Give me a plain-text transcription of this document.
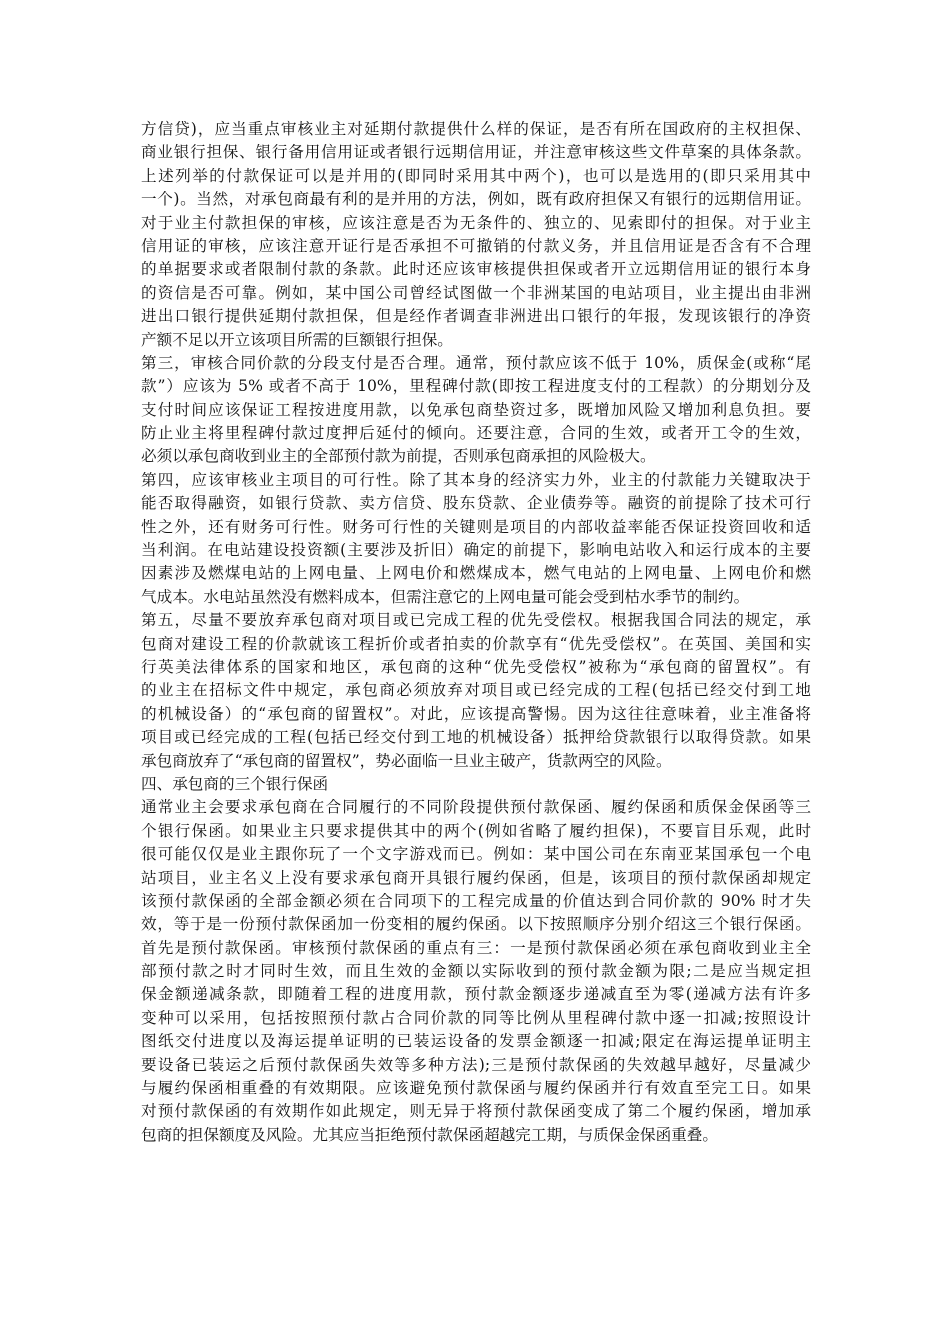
方信贷)，应当重点审核业主对延期付款提供什么样的保证，是否有所在国政府的主权担保、
商业银行担保、银行备用信用证或者银行远期信用证，并注意审核这些文件草案的具体条款。
上述列举的付款保证可以是并用的(即同时采用其中两个)，也可以是选用的(即只采用其中
一个)。当然，对承包商最有利的是并用的方法，例如，既有政府担保又有银行的远期信用证。
对于业主付款担保的审核，应该注意是否为无条件的、独立的、见索即付的担保。对于业主
信用证的审核，应该注意开证行是否承担不可撤销的付款义务，并且信用证是否含有不合理
的单据要求或者限制付款的条款。此时还应该审核提供担保或者开立远期信用证的银行本身
的资信是否可靠。例如，某中国公司曾经试图做一个非洲某国的电站项目，业主提出由非洲
进出口银行提供延期付款担保，但是经作者调查非洲进出口银行的年报，发现该银行的净资
产额不足以开立该项目所需的巨额银行担保。
第三，审核合同价款的分段支付是否合理。通常，预付款应该不低于 10%，质保金(或称“尾
款”）应该为 5% 或者不高于 10%，里程碑付款(即按工程进度支付的工程款）的分期划分及
支付时间应该保证工程按进度用款，以免承包商垫资过多，既增加风险又增加利息负担。要
防止业主将里程碑付款过度押后延付的倾向。还要注意，合同的生效，或者开工令的生效，
必须以承包商收到业主的全部预付款为前提，否则承包商承担的风险极大。
第四，应该审核业主项目的可行性。除了其本身的经济实力外，业主的付款能力关键取决于
能否取得融资，如银行贷款、卖方信贷、股东贷款、企业债券等。融资的前提除了技术可行
性之外，还有财务可行性。财务可行性的关键则是项目的内部收益率能否保证投资回收和适
当利润。在电站建设投资额(主要涉及折旧）确定的前提下，影响电站收入和运行成本的主要
因素涉及燃煤电站的上网电量、上网电价和燃煤成本，燃气电站的上网电量、上网电价和燃
气成本。水电站虽然没有燃料成本，但需注意它的上网电量可能会受到枯水季节的制约。
第五，尽量不要放弃承包商对项目或已完成工程的优先受偿权。根据我国合同法的规定，承
包商对建设工程的价款就该工程折价或者拍卖的价款享有“优先受偿权”。在英国、美国和实
行英美法律体系的国家和地区，承包商的这种“优先受偿权”被称为“承包商的留置权”。有
的业主在招标文件中规定，承包商必须放弃对项目或已经完成的工程(包括已经交付到工地
的机械设备）的“承包商的留置权”。对此，应该提高警惕。因为这往往意味着，业主准备将
项目或已经完成的工程(包括已经交付到工地的机械设备）抵押给贷款银行以取得贷款。如果
承包商放弃了“承包商的留置权”，势必面临一旦业主破产，货款两空的风险。
四、承包商的三个银行保函
通常业主会要求承包商在合同履行的不同阶段提供预付款保函、履约保函和质保金保函等三
个银行保函。如果业主只要求提供其中的两个(例如省略了履约担保)，不要盲目乐观，此时
很可能仅仅是业主跟你玩了一个文字游戏而已。例如：某中国公司在东南亚某国承包一个电
站项目，业主名义上没有要求承包商开具银行履约保函，但是，该项目的预付款保函却规定
该预付款保函的全部金额必须在合同项下的工程完成量的价值达到合同价款的 90% 时才失
效，等于是一份预付款保函加一份变相的履约保函。以下按照顺序分别介绍这三个银行保函。
首先是预付款保函。审核预付款保函的重点有三：一是预付款保函必须在承包商收到业主全
部预付款之时才同时生效，而且生效的金额以实际收到的预付款金额为限;二是应当规定担
保金额递减条款，即随着工程的进度用款，预付款金额逐步递减直至为零(递减方法有许多
变种可以采用，包括按照预付款占合同价款的同等比例从里程碑付款中逐一扣减;按照设计
图纸交付进度以及海运提单证明的已装运设备的发票金额逐一扣减;限定在海运提单证明主
要设备已装运之后预付款保函失效等多种方法);三是预付款保函的失效越早越好，尽量减少
与履约保函相重叠的有效期限。应该避免预付款保函与履约保函并行有效直至完工日。如果
对预付款保函的有效期作如此规定，则无异于将预付款保函变成了第二个履约保函，增加承
包商的担保额度及风险。尤其应当拒绝预付款保函超越完工期，与质保金保函重叠。
